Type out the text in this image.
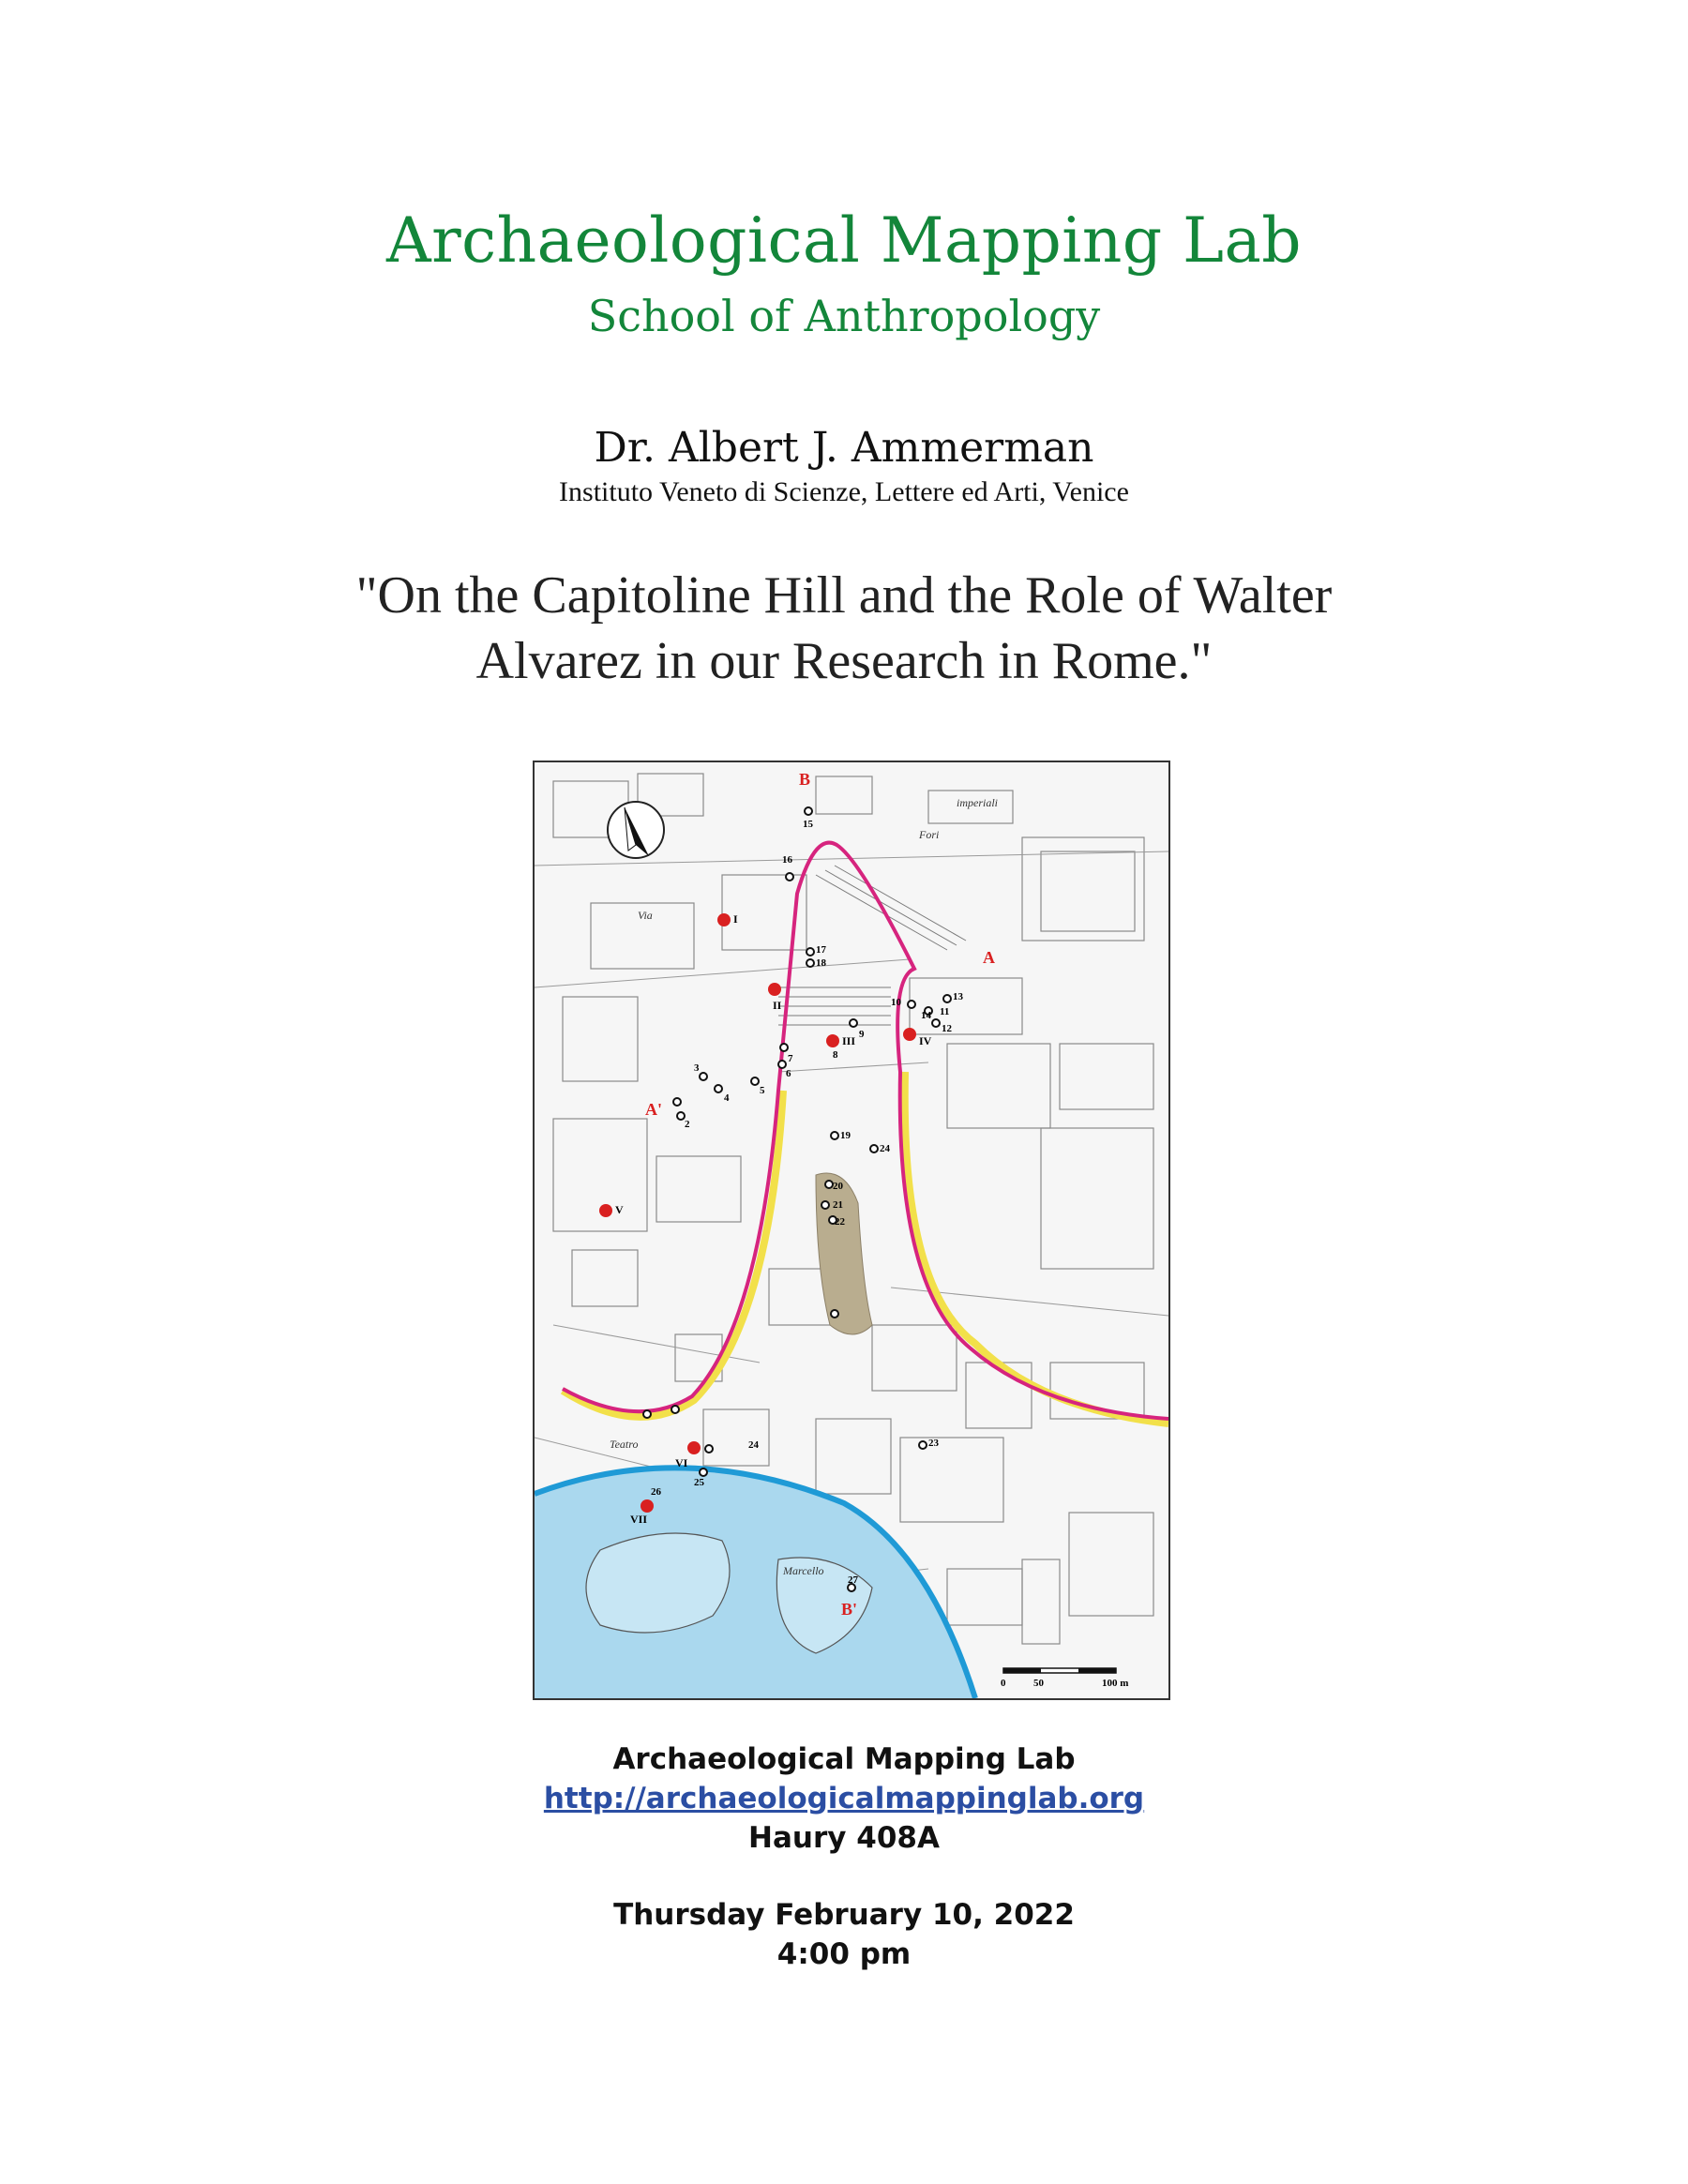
Archaeological Mapping Lab
School of Anthropology
Dr. Albert J. Ammerman
Instituto Veneto di Scienze, Lettere ed Arti, Venice
"On the Capitoline Hill and the Role of Walter
Alvarez in our Research in Rome."
B
A
A'
B'
imperiali
Fori
Via
Teatro
Marcello
I
II
III	IV
V
VI
VII
15
16
17
18
13
10
11
12
14
9
8
7
6
5
3
4
2
19
24
20
21
22
24	23
25
26
27
0	50	100 m
Archaeological Mapping Lab
http://archaeologicalmappinglab.org
Haury 408A
Thursday February 10, 2022
4:00 pm
